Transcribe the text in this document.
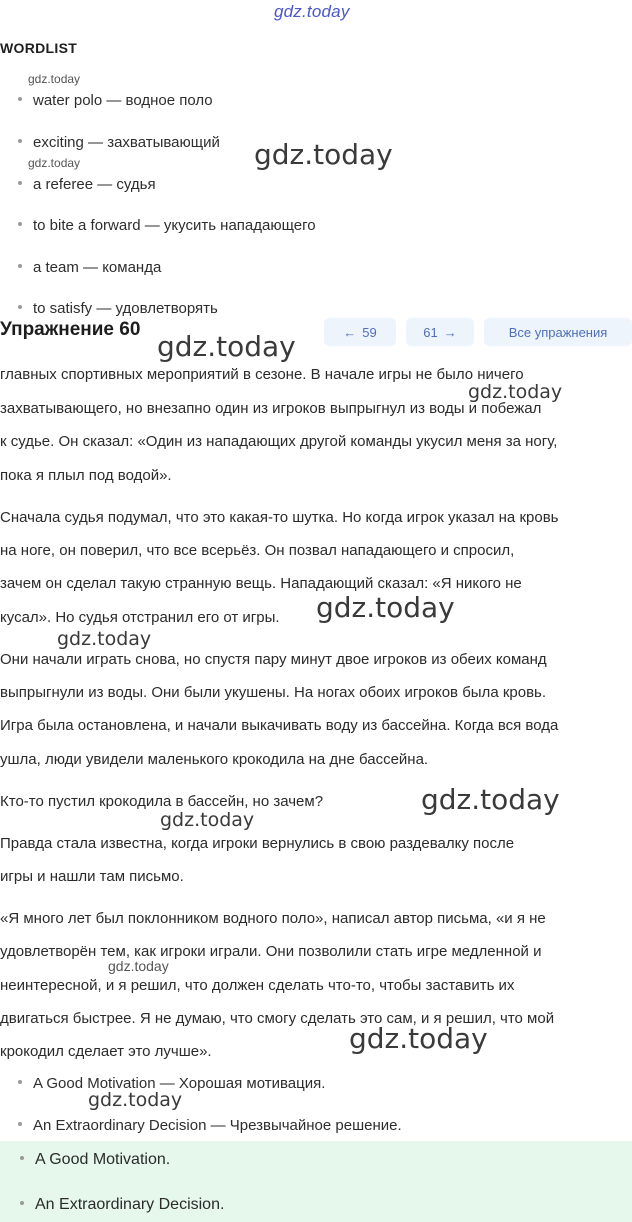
gdz.today
WORDLIST
gdz.today
water polo — водное поло
exciting — захватывающий
gdz.today	gdz.today
a referee — судья
to bite a forward — укусить нападающего
a team — команда
to satisfy — удовлетворять
Упражнение 60	← 59	61 →	Все упражнения
gdz.today
главных спортивных мероприятий в сезоне. В начале игры не было ничего
gdz.today
захватывающего, но внезапно один из игроков выпрыгнул из воды и побежал
к судье. Он сказал: «Один из нападающих другой команды укусил меня за ногу,
пока я плыл под водой».
Сначала судья подумал, что это какая-то шутка. Но когда игрок указал на кровь
на ноге, он поверил, что все всерьёз. Он позвал нападающего и спросил,
зачем он сделал такую странную вещь. Нападающий сказал: «Я никого не
кусал». Но судья отстранил его от игры. gdz.today
gdz.today
Они начали играть снова, но спустя пару минут двое игроков из обеих команд
выпрыгнули из воды. Они были укушены. На ногах обоих игроков была кровь.
Игра была остановлена, и начали выкачивать воду из бассейна. Когда вся вода
ушла, люди увидели маленького крокодила на дне бассейна.
Кто-то пустил крокодила в бассейн, но зачем?	gdz.today
gdz.today
Правда стала известна, когда игроки вернулись в свою раздевалку после
игры и нашли там письмо.
«Я много лет был поклонником водного поло», написал автор письма, «и я не
удовлетворён тем, как игроки играли. Они позволили стать игре медленной и
gdz.today
неинтересной, и я решил, что должен сделать что-то, чтобы заставить их
двигаться быстрее. Я не думаю, что смогу сделать это сам, и я решил, что мой
крокодил сделает это лучше».	gdz.today
A Good Motivation — Хорошая мотивация.
gdz.today
An Extraordinary Decision — Чрезвычайное решение.
A Good Motivation.
An Extraordinary Decision.
